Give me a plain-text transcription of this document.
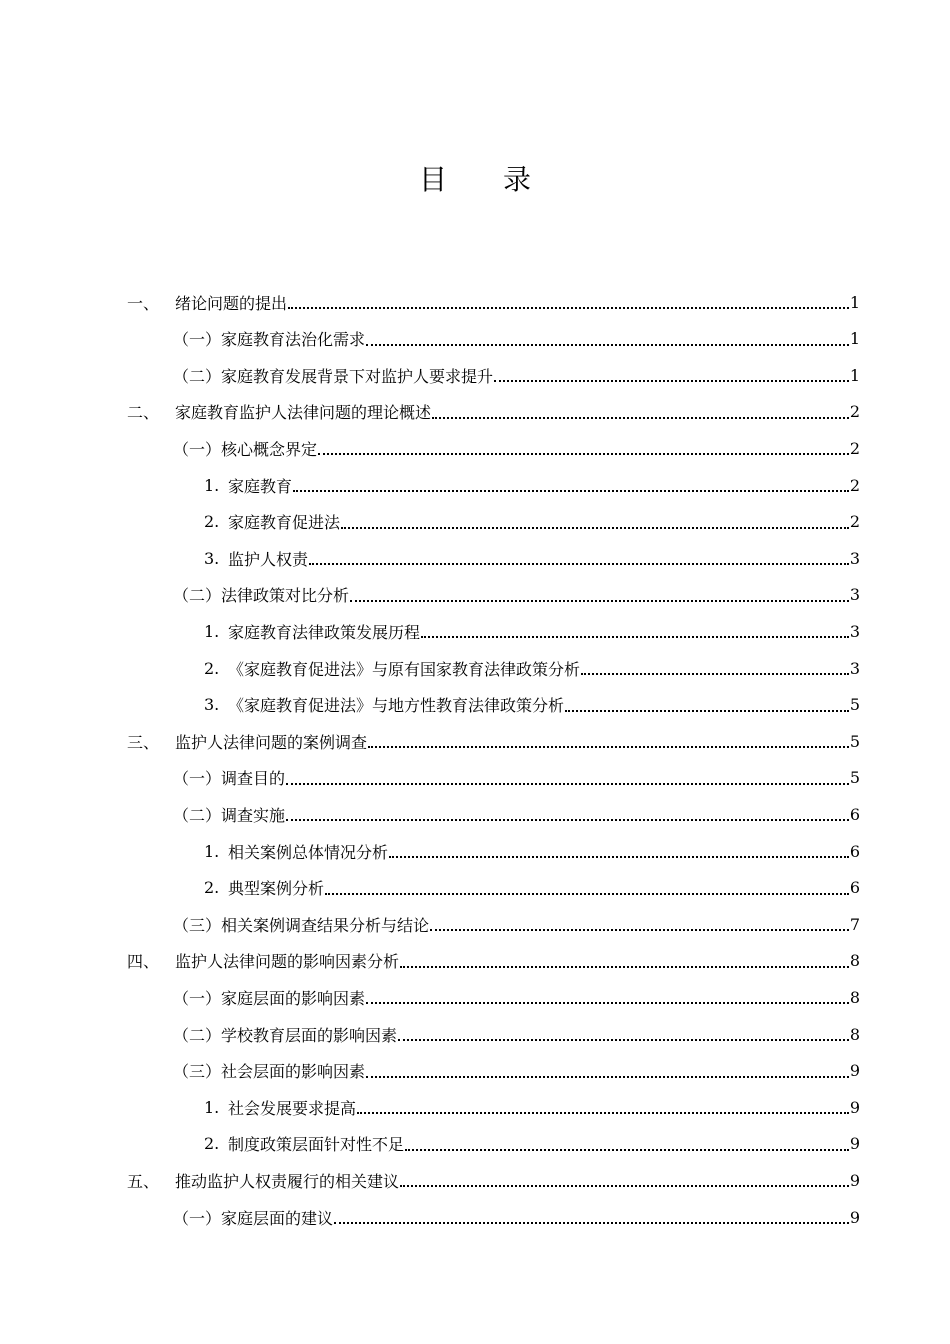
目 录
一、 绪论问题的提出	1
（一） 家庭教育法治化需求	1
（二） 家庭教育发展背景下对监护人要求提升	1
二、 家庭教育监护人法律问题的理论概述	2
（一） 核心概念界定	2
1. 家庭教育	2
2. 家庭教育促进法	2
3. 监护人权责	3
（二） 法律政策对比分析	3
1. 家庭教育法律政策发展历程	3
2. 《家庭教育促进法》与原有国家教育法律政策分析	3
3. 《家庭教育促进法》与地方性教育法律政策分析	5
三、 监护人法律问题的案例调查	5
（一） 调查目的	5
（二） 调查实施	6
1. 相关案例总体情况分析	6
2. 典型案例分析	6
（三） 相关案例调查结果分析与结论	7
四、 监护人法律问题的影响因素分析	8
（一） 家庭层面的影响因素	8
（二） 学校教育层面的影响因素	8
（三） 社会层面的影响因素	9
1. 社会发展要求提高	9
2. 制度政策层面针对性不足	9
五、 推动监护人权责履行的相关建议	9
（一） 家庭层面的建议	9
